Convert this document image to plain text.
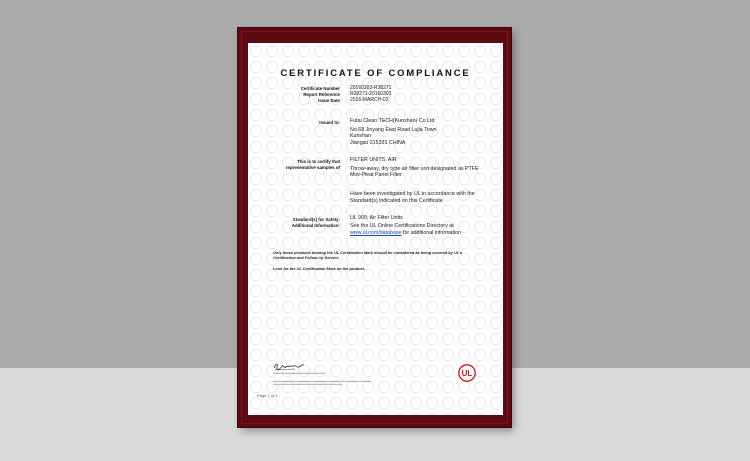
CERTIFICATE OF COMPLIANCE
Certificate Number 20160303-R38271
Report Reference R38271-20160303
Issue Date 2016-MARCH-03
Issued to: Futai Clean TECH(Kunshan) Co Ltd
No.68 Jinyang East Road Lujia Town
Kunshan
Jiangsu 215331 CHINA
This is to certify that
representative samples of
FILTER UNITS, AIR
Throw-away, dry type air filter unit designated as PTFE
Mini-Pleat Panel Filter
Have been investigated by UL in accordance with the
Standard(s) indicated on this Certificate.
Standard(s) for Safety: UL 900, Air Filter Units
Additional Information: See the UL Online Certifications Directory at
www.ul.com/database for additional information
Only those products bearing the UL Certification Mark should be considered as being covered by UL's
Certification and Follow-Up Service.
Look for the UL Certification Mark on the product.
━━━━━━━━━━━━━━━━━━━━━━━━━━━━━━━━━━━━
━━━━━━━━━━━━━━━━━━━━━━━━━━━━━━━━━━━━━━━━━━━━━━━━━━━━━━━━━━━━━━━━━━━━
━━━━━━━━━━━━━━━━━━━━━━━━━━━━━━━━━━━━━━━━━━━━━━━━
UL
Page 1 of 1
